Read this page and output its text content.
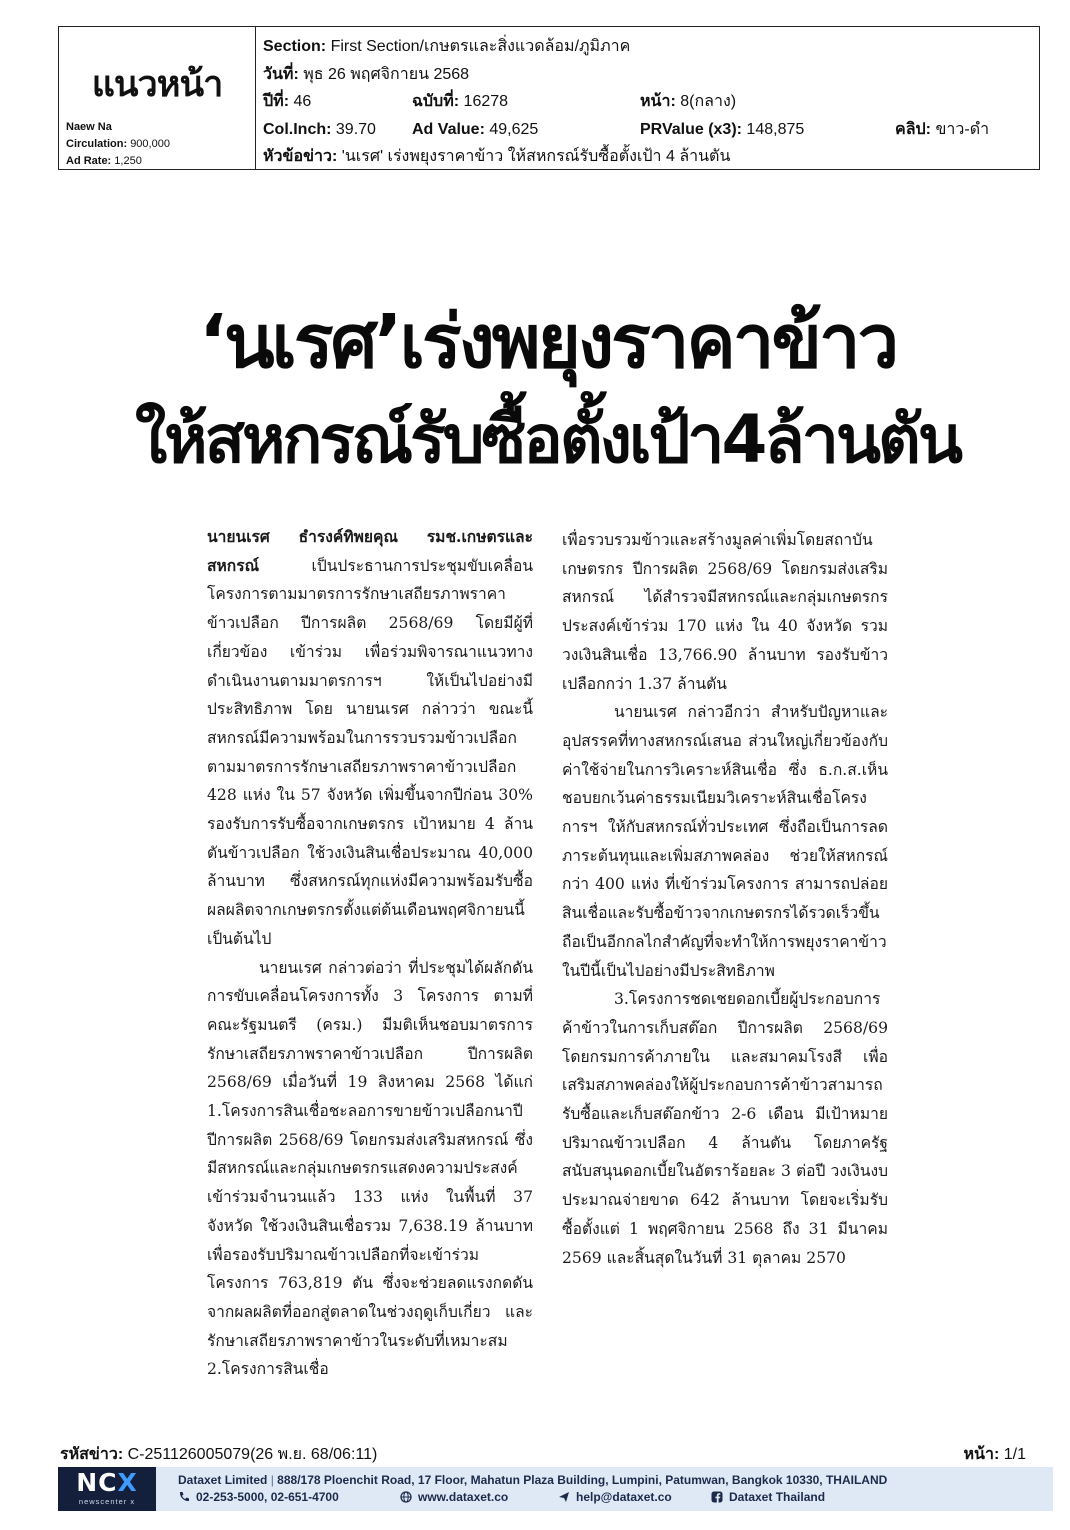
แนวหน้า
Naew Na
Circulation: 900,000
Ad Rate: 1,250
Section: First Section/เกษตรและสิ่งแวดล้อม/ภูมิภาค
วันที่: พุธ 26 พฤศจิกายน 2568
ปีที่: 46	ฉบับที่: 16278	หน้า: 8(กลาง)
Col.Inch: 39.70 Ad Value: 49,625	PRValue (x3): 148,875	คลิป: ขาว-ดำ
หัวข้อข่าว: 'นเรศ' เร่งพยุงราคาข้าว ให้สหกรณ์รับซื้อตั้งเป้า 4 ล้านตัน
‘นเรศ’เร่งพยุงราคาข้าว
ให้สหกรณ์รับซื้อตั้งเป้า4ล้านตัน

นายนเรศ ธำรงค์ทิพยคุณ รมช.เกษตรและสหกรณ์	เป็นประธานการประชุมขับเคลื่อนโครงการตามมาตรการรักษาเสถียรภาพราคาข้าวเปลือก ปีการผลิต 2568/69 โดยมีผู้ที่เกี่ยวข้อง เข้าร่วม เพื่อร่วมพิจารณาแนวทางดำเนินงานตามมาตรการฯ ให้เป็นไปอย่างมีประสิทธิภาพ โดย นายนเรศ กล่าวว่า ขณะนี้สหกรณ์มีความพร้อมในการรวบรวมข้าวเปลือกตามมาตรการรักษาเสถียรภาพราคาข้าวเปลือก 428 แห่ง ใน 57 จังหวัด เพิ่มขึ้นจากปีก่อน 30% รองรับการรับซื้อจากเกษตรกร เป้าหมาย 4 ล้านตันข้าวเปลือก ใช้วงเงินสินเชื่อประมาณ 40,000 ล้านบาท ซึ่งสหกรณ์ทุกแห่งมีความพร้อมรับซื้อผลผลิตจากเกษตรกรตั้งแต่ต้นเดือนพฤศจิกายนนี้เป็นต้นไป

นายนเรศ กล่าวต่อว่า ที่ประชุมได้ผลักดันการขับเคลื่อนโครงการทั้ง 3 โครงการ ตามที่คณะรัฐมนตรี (ครม.) มีมติเห็นชอบมาตรการรักษาเสถียรภาพราคาข้าวเปลือก ปีการผลิต 2568/69 เมื่อวันที่ 19 สิงหาคม 2568 ได้แก่ 1.โครงการสินเชื่อชะลอการขายข้าวเปลือกนาปี ปีการผลิต 2568/69 โดยกรมส่งเสริมสหกรณ์ ซึ่งมีสหกรณ์และกลุ่มเกษตรกรแสดงความประสงค์เข้าร่วมจำนวนแล้ว 133 แห่ง ในพื้นที่ 37 จังหวัด ใช้วงเงินสินเชื่อรวม 7,638.19 ล้านบาท เพื่อรองรับปริมาณข้าวเปลือกที่จะเข้าร่วมโครงการ 763,819 ตัน ซึ่งจะช่วยลดแรงกดดันจากผลผลิตที่ออกสู่ตลาดในช่วงฤดูเก็บเกี่ยว และรักษาเสถียรภาพราคาข้าวในระดับที่เหมาะสม 2.โครงการสินเชื่อ

เพื่อรวบรวมข้าวและสร้างมูลค่าเพิ่มโดยสถาบันเกษตรกร ปีการผลิต 2568/69 โดยกรมส่งเสริมสหกรณ์ ได้สำรวจมีสหกรณ์และกลุ่มเกษตรกรประสงค์เข้าร่วม 170 แห่ง ใน 40 จังหวัด รวมวงเงินสินเชื่อ 13,766.90 ล้านบาท รองรับข้าวเปลือกกว่า 1.37 ล้านตัน

นายนเรศ กล่าวอีกว่า สำหรับปัญหาและอุปสรรคที่ทางสหกรณ์เสนอ ส่วนใหญ่เกี่ยวข้องกับค่าใช้จ่ายในการวิเคราะห์สินเชื่อ ซึ่ง ธ.ก.ส.เห็นชอบยกเว้นค่าธรรมเนียมวิเคราะห์สินเชื่อโครงการฯ ให้กับสหกรณ์ทั่วประเทศ ซึ่งถือเป็นการลดภาระต้นทุนและเพิ่มสภาพคล่อง ช่วยให้สหกรณ์กว่า 400 แห่ง ที่เข้าร่วมโครงการ สามารถปล่อยสินเชื่อและรับซื้อข้าวจากเกษตรกรได้รวดเร็วขึ้น ถือเป็นอีกกลไกสำคัญที่จะทำให้การพยุงราคาข้าวในปีนี้เป็นไปอย่างมีประสิทธิภาพ

3.โครงการชดเชยดอกเบี้ยผู้ประกอบการค้าข้าวในการเก็บสต๊อก ปีการผลิต 2568/69 โดยกรมการค้าภายใน และสมาคมโรงสี เพื่อเสริมสภาพคล่องให้ผู้ประกอบการค้าข้าวสามารถรับซื้อและเก็บสต๊อกข้าว 2-6 เดือน มีเป้าหมายปริมาณข้าวเปลือก 4 ล้านตัน โดยภาครัฐสนับสนุนดอกเบี้ยในอัตราร้อยละ 3 ต่อปี วงเงินงบประมาณจ่ายขาด 642 ล้านบาท โดยจะเริ่มรับซื้อตั้งแต่ 1 พฤศจิกายน 2568 ถึง 31 มีนาคม 2569 และสิ้นสุดในวันที่ 31 ตุลาคม 2570

รหัสข่าว: C-251126005079(26 พ.ย. 68/06:11)	หน้า: 1/1
NCX
newscenter x
Dataxet Limited | 888/178 Ploenchit Road, 17 Floor, Mahatun Plaza Building, Lumpini, Patumwan, Bangkok 10330, THAILAND
02-253-5000, 02-651-4700	www.dataxet.co	help@dataxet.co	Dataxet Thailand
